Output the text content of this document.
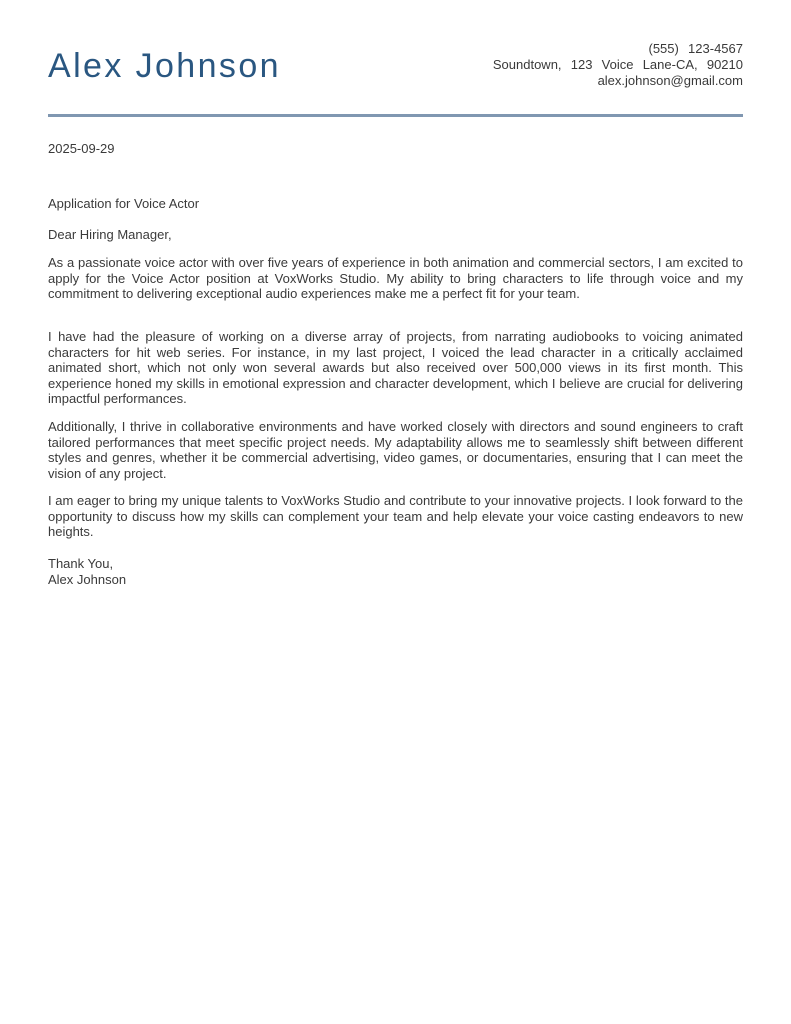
Alex Johnson	(555)  123-4567
Soundtown,  123  Voice  Lane-CA,  90210
alex.johnson@gmail.com
2025-09-29
Application for Voice Actor
Dear Hiring Manager,
As a passionate voice actor with over five years of experience in both animation and commercial sectors, I am excited to apply for the Voice Actor position at VoxWorks Studio. My ability to bring characters to life through voice and my commitment to delivering exceptional audio experiences make me a perfect fit for your team.
I have had the pleasure of working on a diverse array of projects, from narrating audiobooks to voicing animated characters for hit web series. For instance, in my last project, I voiced the lead character in a critically acclaimed animated short, which not only won several awards but also received over 500,000 views in its first month. This experience honed my skills in emotional expression and character development, which I believe are crucial for delivering impactful performances.
Additionally, I thrive in collaborative environments and have worked closely with directors and sound engineers to craft tailored performances that meet specific project needs. My adaptability allows me to seamlessly shift between different styles and genres, whether it be commercial advertising, video games, or documentaries, ensuring that I can meet the vision of any project.
I am eager to bring my unique talents to VoxWorks Studio and contribute to your innovative projects. I look forward to the opportunity to discuss how my skills can complement your team and help elevate your voice casting endeavors to new heights.
Thank You,
Alex Johnson
